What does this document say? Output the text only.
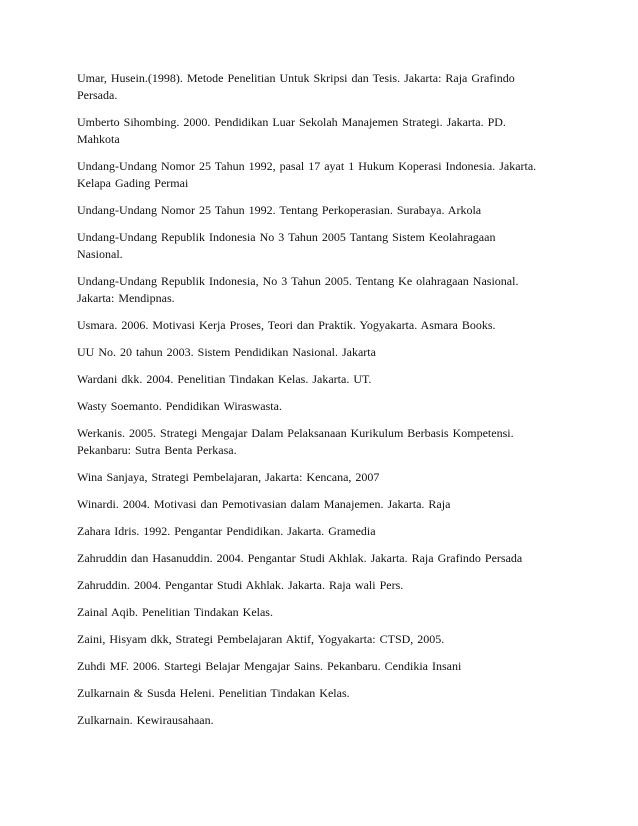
Umar, Husein.(1998). Metode Penelitian Untuk Skripsi dan Tesis. Jakarta: Raja Grafindo Persada.
Umberto Sihombing. 2000. Pendidikan Luar Sekolah Manajemen Strategi. Jakarta. PD. Mahkota
Undang-Undang Nomor 25 Tahun 1992, pasal 17 ayat 1 Hukum Koperasi Indonesia. Jakarta. Kelapa Gading Permai
Undang-Undang Nomor 25 Tahun 1992. Tentang Perkoperasian. Surabaya. Arkola
Undang-Undang Republik Indonesia No 3 Tahun 2005 Tantang Sistem Keolahragaan Nasional.
Undang-Undang Republik Indonesia, No 3 Tahun 2005. Tentang Ke olahragaan Nasional. Jakarta: Mendipnas.
Usmara. 2006. Motivasi Kerja Proses, Teori dan Praktik. Yogyakarta. Asmara Books.
UU No. 20 tahun 2003. Sistem Pendidikan Nasional. Jakarta
Wardani dkk. 2004. Penelitian Tindakan Kelas. Jakarta. UT.
Wasty Soemanto. Pendidikan Wiraswasta.
Werkanis. 2005. Strategi Mengajar Dalam Pelaksanaan Kurikulum Berbasis Kompetensi. Pekanbaru: Sutra Benta Perkasa.
Wina Sanjaya, Strategi Pembelajaran, Jakarta: Kencana, 2007
Winardi. 2004. Motivasi dan Pemotivasian dalam Manajemen. Jakarta. Raja
Zahara Idris. 1992. Pengantar Pendidikan. Jakarta. Gramedia
Zahruddin dan Hasanuddin. 2004. Pengantar Studi Akhlak. Jakarta. Raja Grafindo Persada
Zahruddin. 2004. Pengantar Studi Akhlak. Jakarta. Raja wali Pers.
Zainal Aqib. Penelitian Tindakan Kelas.
Zaini, Hisyam dkk, Strategi Pembelajaran Aktif, Yogyakarta: CTSD, 2005.
Zuhdi MF. 2006. Startegi Belajar Mengajar Sains. Pekanbaru. Cendikia Insani
Zulkarnain & Susda Heleni. Penelitian Tindakan Kelas.
Zulkarnain. Kewirausahaan.
